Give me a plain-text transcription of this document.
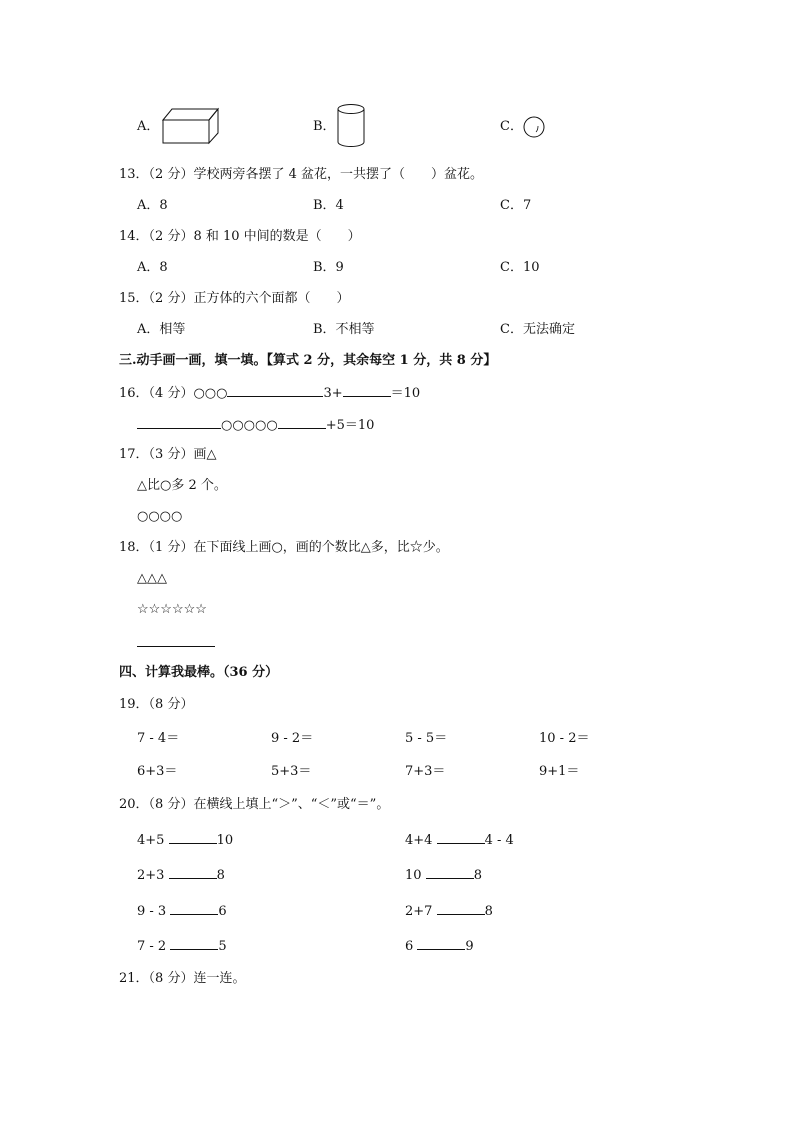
A．	B．	C．
13．（2 分）学校两旁各摆了 4 盆花，一共摆了（　　）盆花。
A．8	B．4	C．7
14．（2 分）8 和 10 中间的数是（　　）
A．8	B．9	C．10
15．（2 分）正方体的六个面都（　　）
A．相等	B．不相等	C．无法确定
三.动手画一画，填一填。【算式 2 分，其余每空 1 分，共 8 分】
16．（4 分）○○○	3+	＝10
○○○○○	+5＝10
17．（3 分）画△
△比○多 2 个。
○○○○
18．（1 分）在下面线上画○，画的个数比△多，比☆少。
△△△
☆☆☆☆☆☆
四、计算我最棒。（36 分）
19．（8 分）
7 - 4＝	9 - 2＝	5 - 5＝	10 - 2＝
6+3＝	5+3＝	7+3＝	9+1＝
20．（8 分）在横线上填上“＞”、“＜”或“＝”。
4+5	10	4+4	4 - 4
2+3	8	10	8
9 - 3	6	2+7	8
7 - 2	5	6	9
21．（8 分）连一连。
